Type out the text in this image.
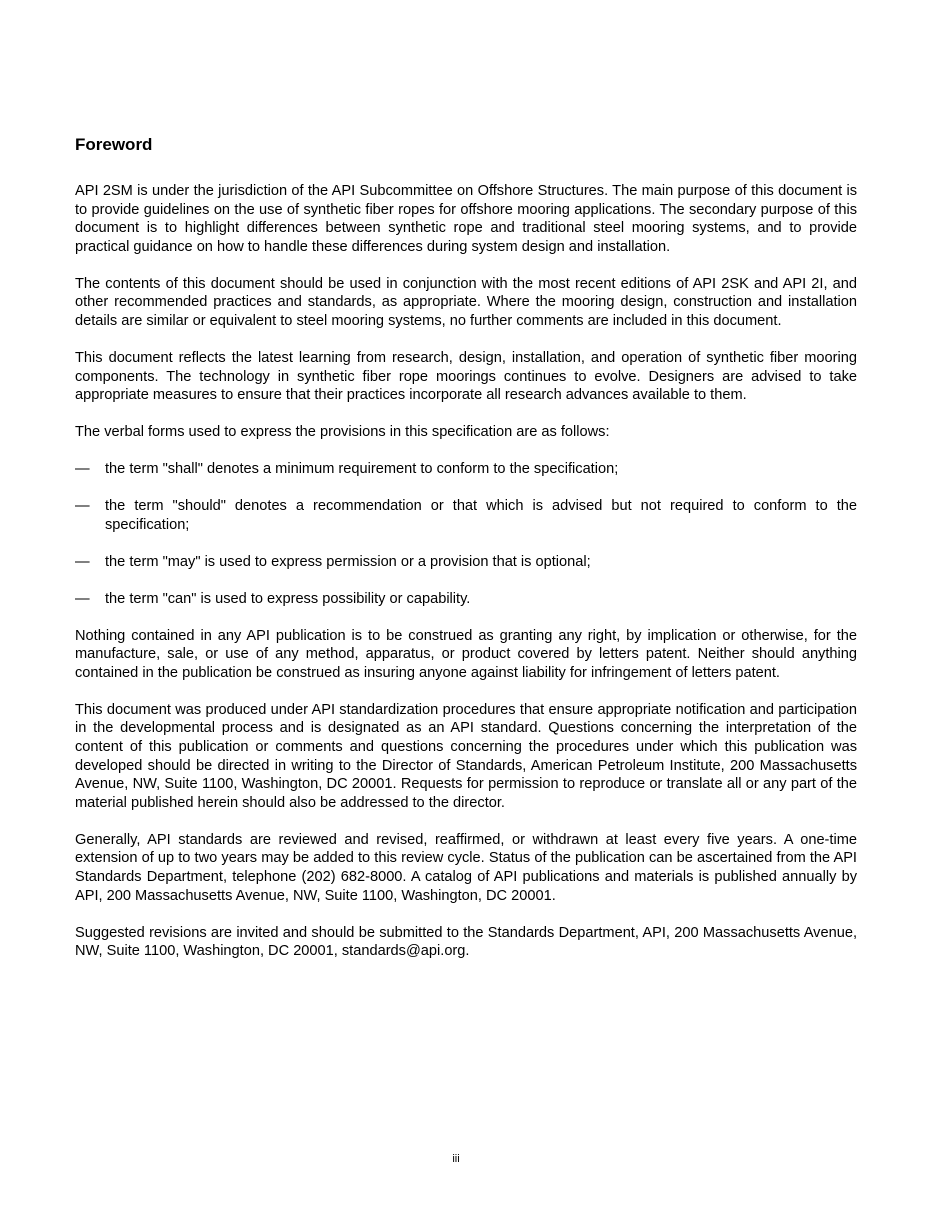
Foreword

API 2SM is under the jurisdiction of the API Subcommittee on Offshore Structures. The main purpose of this document is to provide guidelines on the use of synthetic fiber ropes for offshore mooring applications. The secondary purpose of this document is to highlight differences between synthetic rope and traditional steel mooring systems, and to provide practical guidance on how to handle these differences during system design and installation.

The contents of this document should be used in conjunction with the most recent editions of API 2SK and API 2I, and other recommended practices and standards, as appropriate. Where the mooring design, construction and installation details are similar or equivalent to steel mooring systems, no further comments are included in this document.

This document reflects the latest learning from research, design, installation, and operation of synthetic fiber mooring components. The technology in synthetic fiber rope moorings continues to evolve. Designers are advised to take appropriate measures to ensure that their practices incorporate all research advances available to them.

The verbal forms used to express the provisions in this specification are as follows:

—	the term "shall" denotes a minimum requirement to conform to the specification;
—	the term "should" denotes a recommendation or that which is advised but not required to conform to the specification;
—	the term "may" is used to express permission or a provision that is optional;
—	the term "can" is used to express possibility or capability.

Nothing contained in any API publication is to be construed as granting any right, by implication or otherwise, for the manufacture, sale, or use of any method, apparatus, or product covered by letters patent. Neither should anything contained in the publication be construed as insuring anyone against liability for infringement of letters patent.

This document was produced under API standardization procedures that ensure appropriate notification and participation in the developmental process and is designated as an API standard. Questions concerning the interpretation of the content of this publication or comments and questions concerning the procedures under which this publication was developed should be directed in writing to the Director of Standards, American Petroleum Institute, 200 Massachusetts Avenue, NW, Suite 1100, Washington, DC 20001. Requests for permission to reproduce or translate all or any part of the material published herein should also be addressed to the director.

Generally, API standards are reviewed and revised, reaffirmed, or withdrawn at least every five years. A one-time extension of up to two years may be added to this review cycle. Status of the publication can be ascertained from the API Standards Department, telephone (202) 682-8000. A catalog of API publications and materials is published annually by API, 200 Massachusetts Avenue, NW, Suite 1100, Washington, DC 20001.

Suggested revisions are invited and should be submitted to the Standards Department, API, 200 Massachusetts Avenue, NW, Suite 1100, Washington, DC 20001, standards@api.org.

iii
